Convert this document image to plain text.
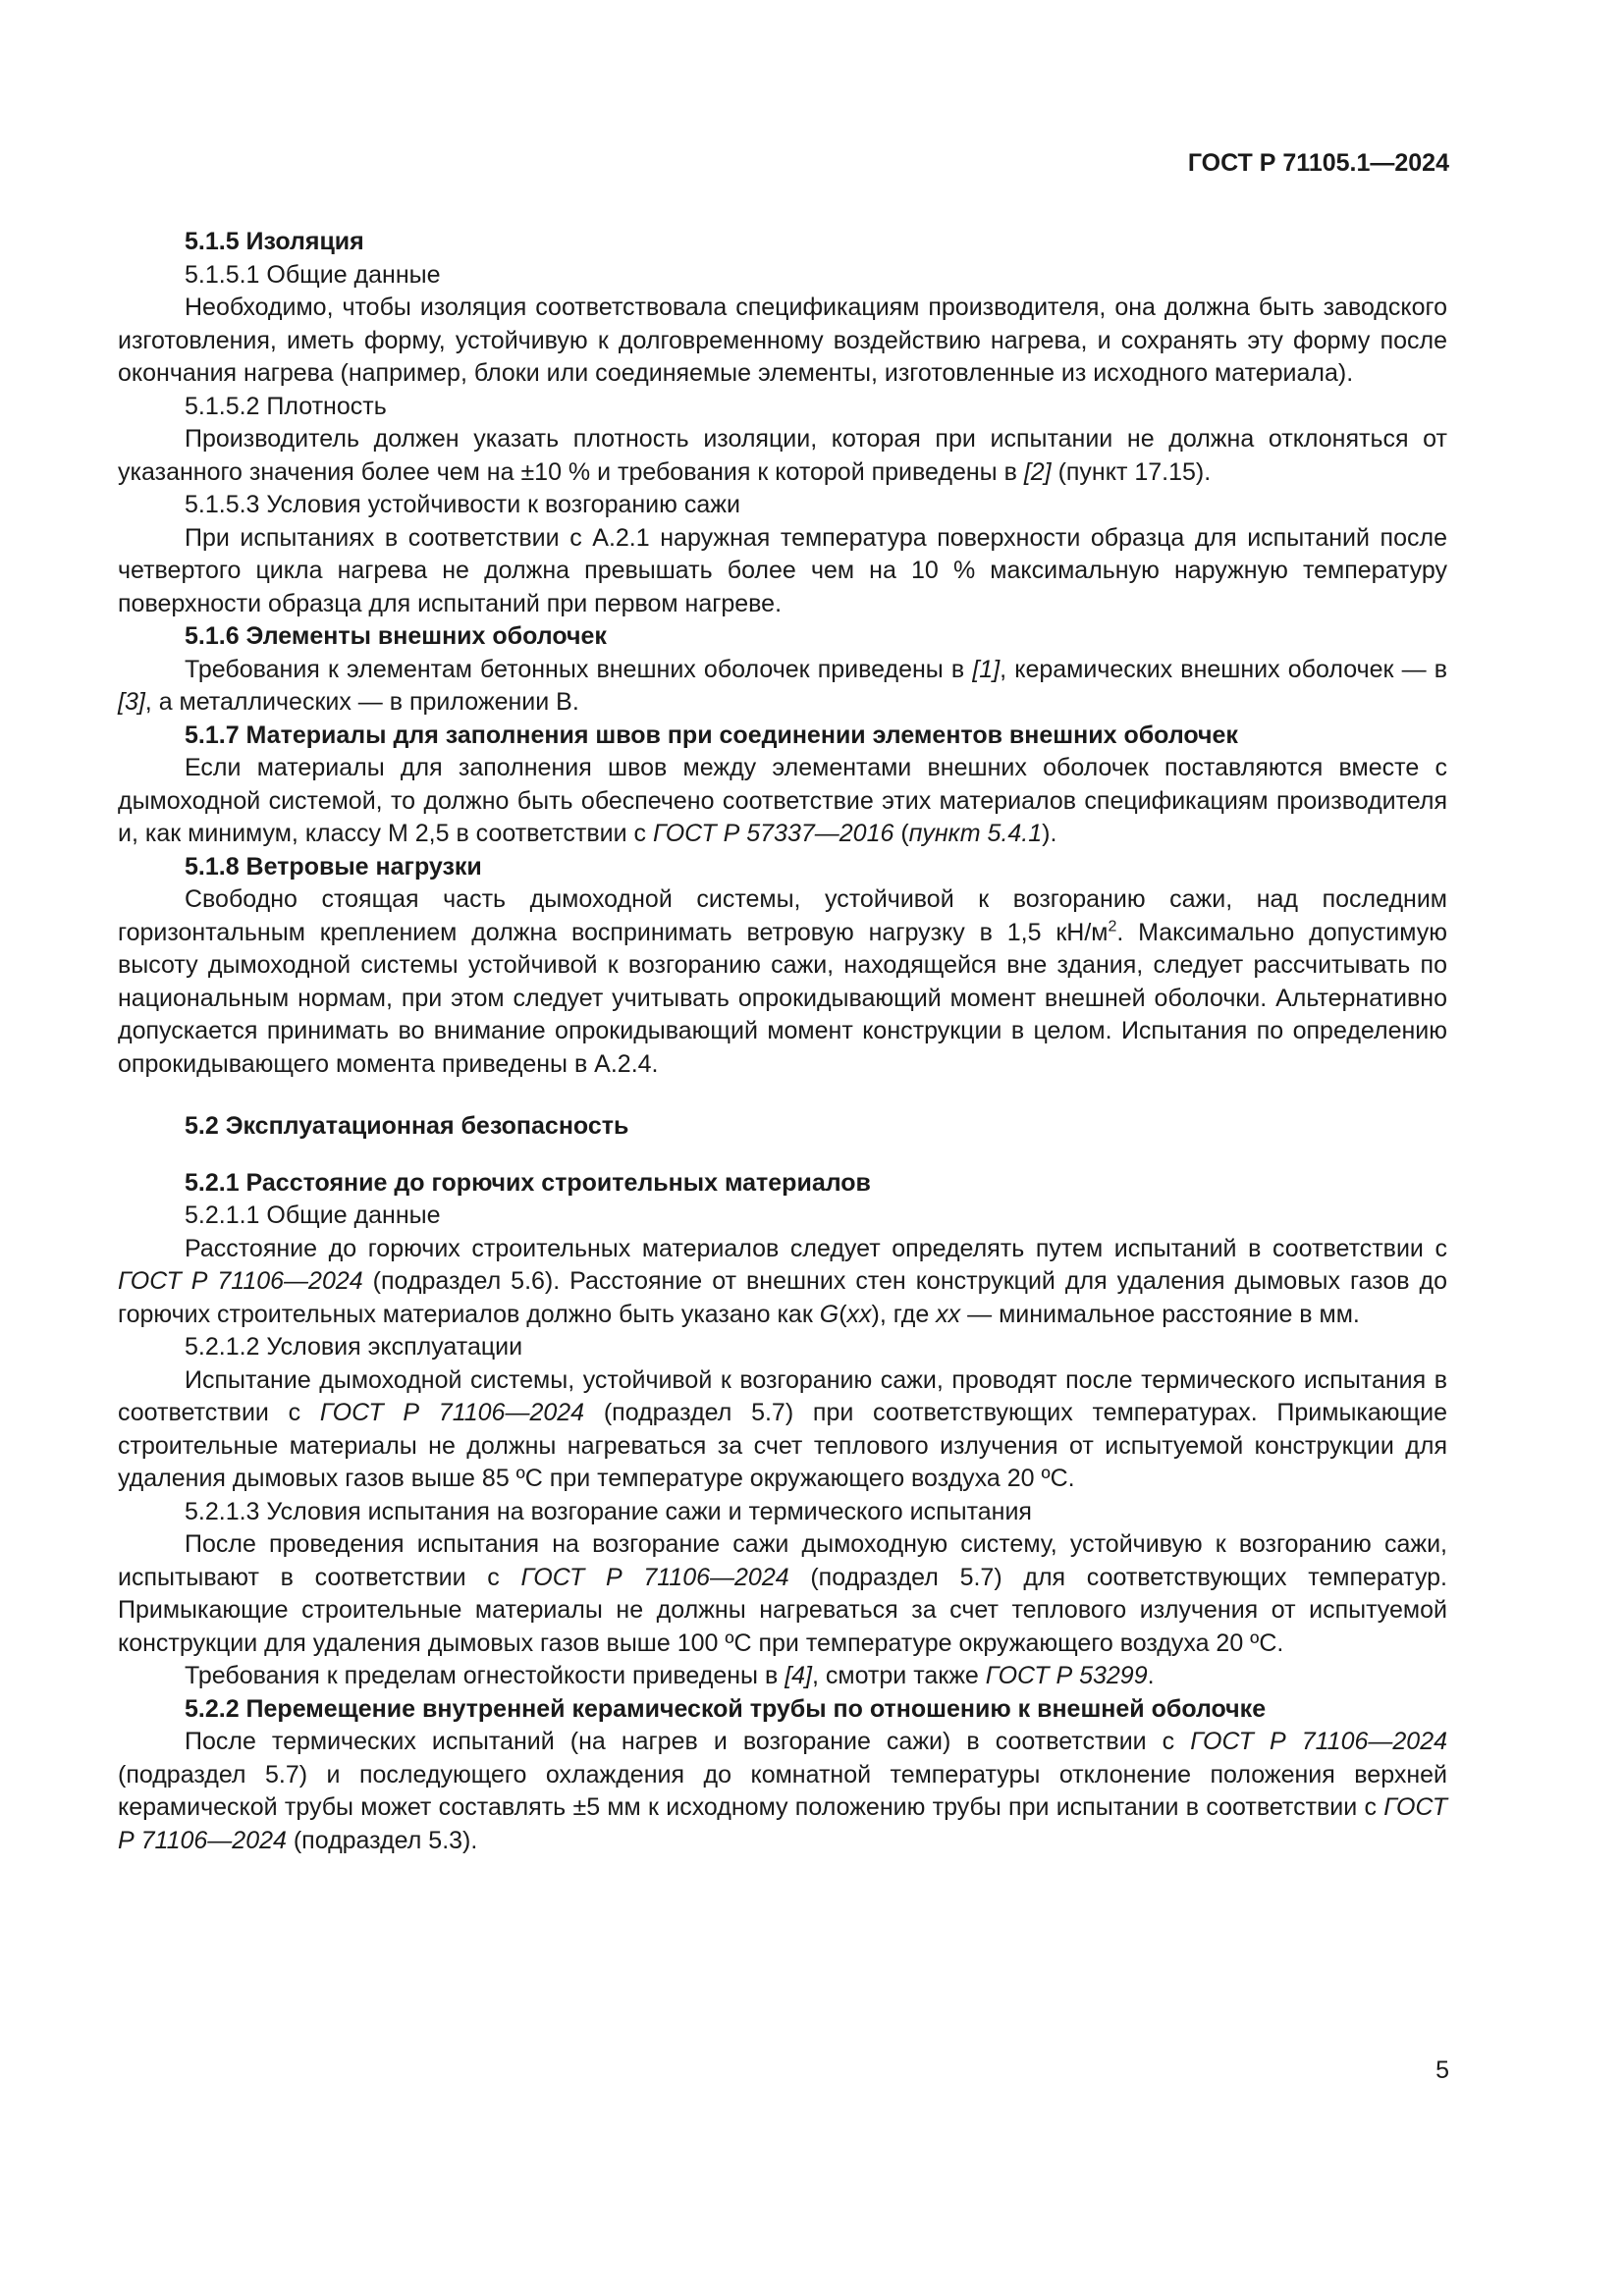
ГОСТ Р 71105.1—2024

5.1.5 Изоляция

5.1.5.1 Общие данные

Необходимо, чтобы изоляция соответствовала спецификациям производителя, она должна быть заводского изготовления, иметь форму, устойчивую к долговременному воздействию нагрева, и сохранять эту форму после окончания нагрева (например, блоки или соединяемые элементы, изготовленные из исходного материала).

5.1.5.2 Плотность

Производитель должен указать плотность изоляции, которая при испытании не должна отклоняться от указанного значения более чем на ±10 % и требования к которой приведены в [2] (пункт 17.15).

5.1.5.3 Условия устойчивости к возгоранию сажи

При испытаниях в соответствии с А.2.1 наружная температура поверхности образца для испытаний после четвертого цикла нагрева не должна превышать более чем на 10 % максимальную наружную температуру поверхности образца для испытаний при первом нагреве.

5.1.6 Элементы внешних оболочек

Требования к элементам бетонных внешних оболочек приведены в [1], керамических внешних оболочек — в [3], а металлических — в приложении В.

5.1.7 Материалы для заполнения швов при соединении элементов внешних оболочек

Если материалы для заполнения швов между элементами внешних оболочек поставляются вместе с дымоходной системой, то должно быть обеспечено соответствие этих материалов спецификациям производителя и, как минимум, классу М 2,5 в соответствии с ГОСТ Р 57337—2016 (пункт 5.4.1).

5.1.8 Ветровые нагрузки

Свободно стоящая часть дымоходной системы, устойчивой к возгоранию сажи, над последним горизонтальным креплением должна воспринимать ветровую нагрузку в 1,5 $кН/м^2$. Максимально допустимую высоту дымоходной системы устойчивой к возгоранию сажи, находящейся вне здания, следует рассчитывать по национальным нормам, при этом следует учитывать опрокидывающий момент внешней оболочки. Альтернативно допускается принимать во внимание опрокидывающий момент конструкции в целом. Испытания по определению опрокидывающего момента приведены в А.2.4.

5.2 Эксплуатационная безопасность

5.2.1 Расстояние до горючих строительных материалов

5.2.1.1 Общие данные

Расстояние до горючих строительных материалов следует определять путем испытаний в соответствии с ГОСТ Р 71106—2024 (подраздел 5.6). Расстояние от внешних стен конструкций для удаления дымовых газов до горючих строительных материалов должно быть указано как G(xx), где xx — минимальное расстояние в мм.

5.2.1.2 Условия эксплуатации

Испытание дымоходной системы, устойчивой к возгоранию сажи, проводят после термического испытания в соответствии с ГОСТ Р 71106—2024 (подраздел 5.7) при соответствующих температурах. Примыкающие строительные материалы не должны нагреваться за счет теплового излучения от испытуемой конструкции для удаления дымовых газов выше 85 ºС при температуре окружающего воздуха 20 ºС.

5.2.1.3 Условия испытания на возгорание сажи и термического испытания

После проведения испытания на возгорание сажи дымоходную систему, устойчивую к возгоранию сажи, испытывают в соответствии с ГОСТ Р 71106—2024 (подраздел 5.7) для соответствующих температур. Примыкающие строительные материалы не должны нагреваться за счет теплового излучения от испытуемой конструкции для удаления дымовых газов выше 100 ºС при температуре окружающего воздуха 20 ºС.

Требования к пределам огнестойкости приведены в [4], смотри также ГОСТ Р 53299.

5.2.2 Перемещение внутренней керамической трубы по отношению к внешней оболочке

После термических испытаний (на нагрев и возгорание сажи) в соответствии с ГОСТ Р 71106—2024 (подраздел 5.7) и последующего охлаждения до комнатной температуры отклонение положения верхней керамической трубы может составлять ±5 мм к исходному положению трубы при испытании в соответствии с ГОСТ Р 71106—2024 (подраздел 5.3).

5
